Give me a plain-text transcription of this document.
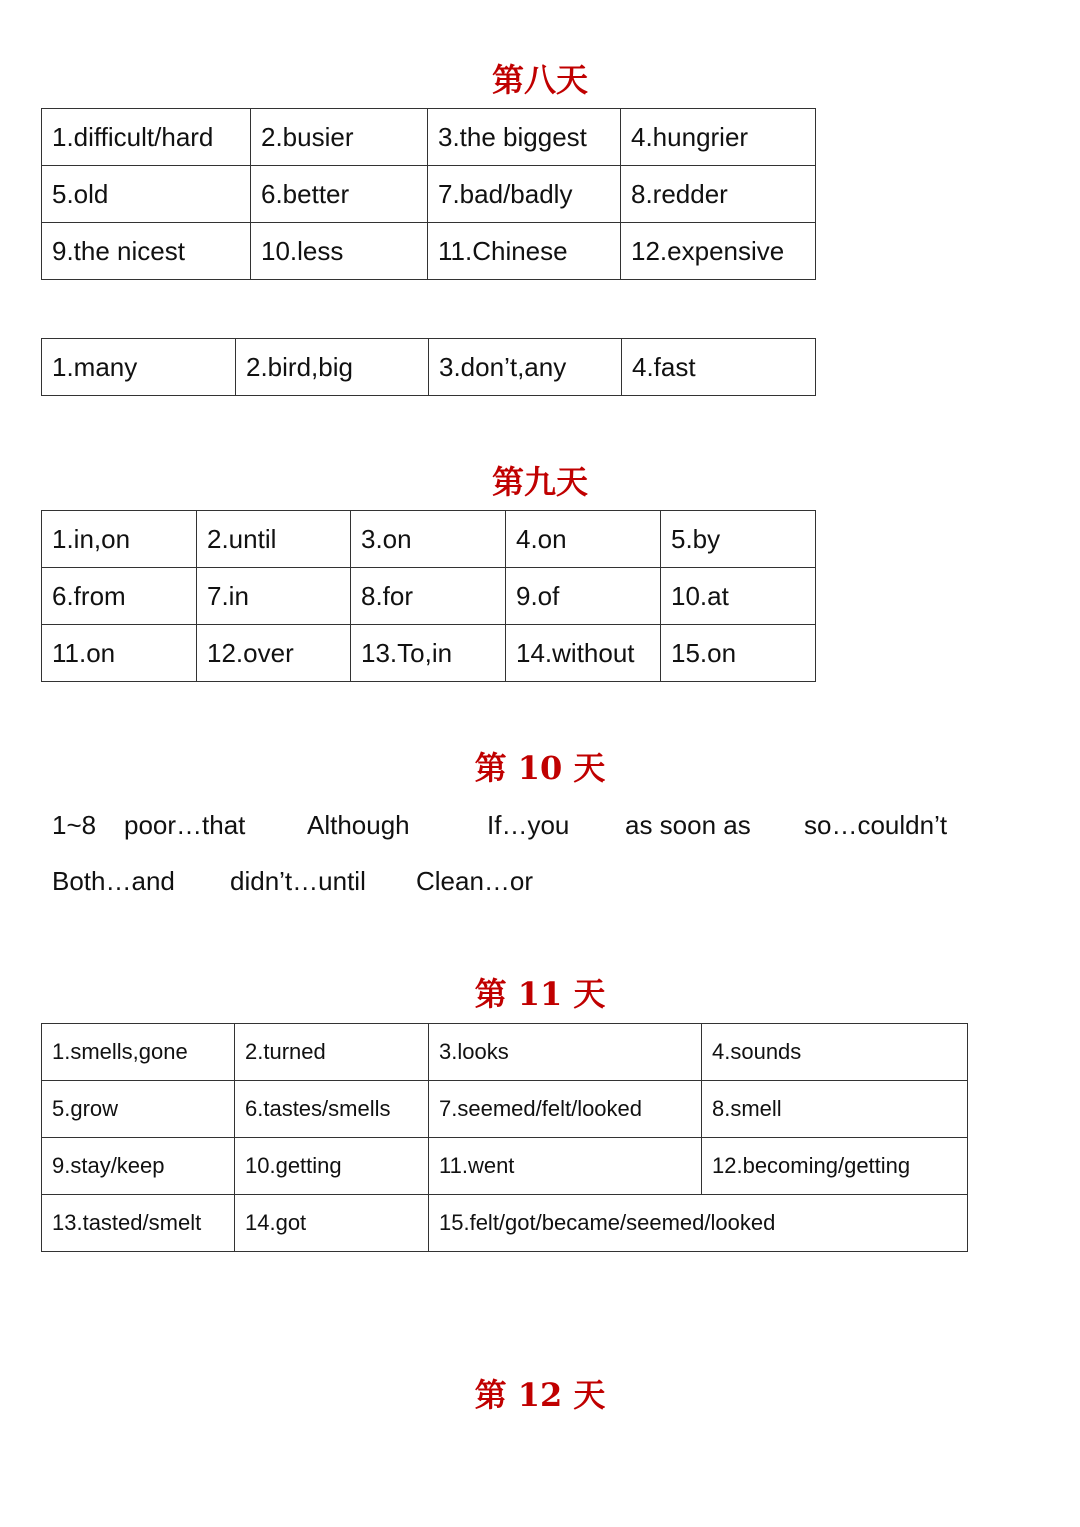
第八天
1.difficult/hard	2.busier	3.the biggest	4.hungrier
5.old	6.better	7.bad/badly	8.redder
9.the nicest	10.less	11.Chinese	12.expensive
1.many	2.bird,big	3.don’t,any	4.fast
第九天
1.in,on	2.until	3.on	4.on	5.by
6.from	7.in	8.for	9.of	10.at
11.on	12.over	13.To,in	14.without	15.on
第 10 天
1~8 poor…that Although	If…you as soon as so…couldn’t
Both…and didn’t…until Clean…or
第 11 天
1.smells,gone	2.turned	3.looks	4.sounds
5.grow	6.tastes/smells	7.seemed/felt/looked	8.smell
9.stay/keep	10.getting	11.went	12.becoming/getting
13.tasted/smelt	14.got	15.felt/got/became/seemed/looked	
第 12 天
